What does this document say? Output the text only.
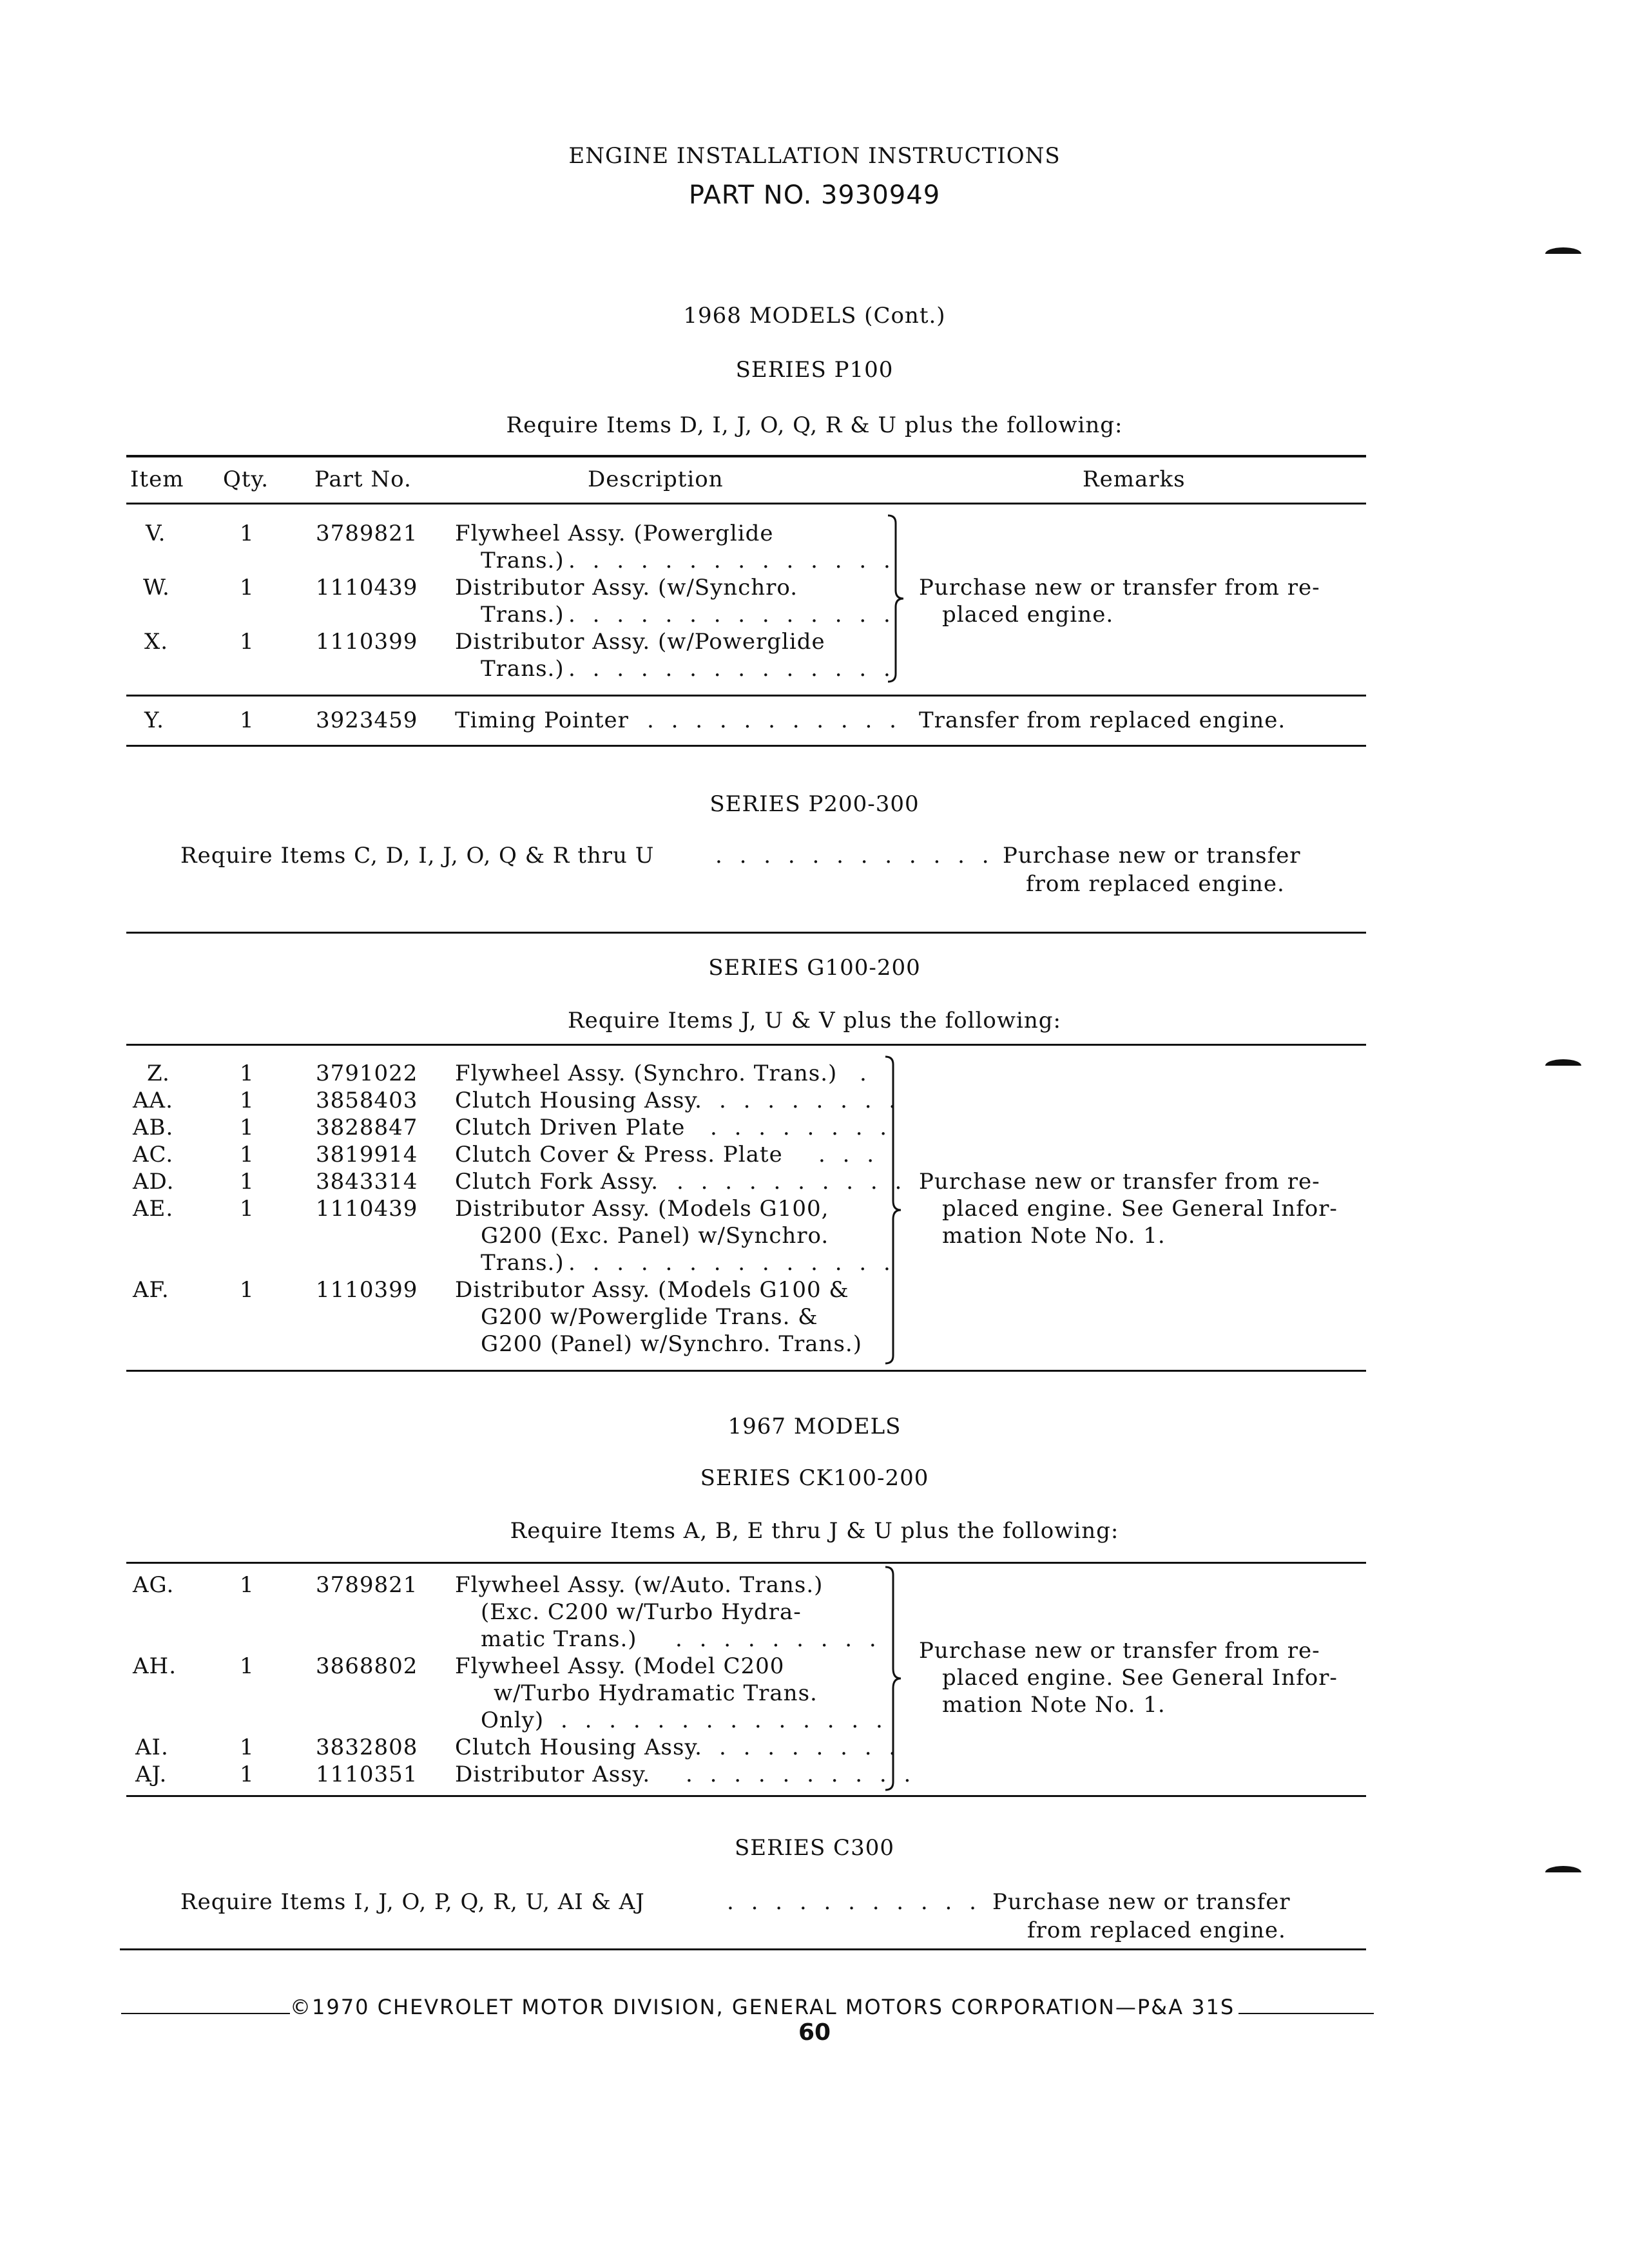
ENGINE INSTALLATION INSTRUCTIONS
PART NO. 3930949
1968 MODELS (Cont.)
SERIES P100
Require Items D, I, J, O, Q, R & U plus the following:
Item Qty. Part No.	Description	Remarks
V.	1	3789821 Flywheel Assy. (Powerglide
Trans.) . . . . . . . . . . . . . .
W.	1	1110439 Distributor Assy. (w/Synchro.
Trans.) . . . . . . . . . . . . . .
X.	1	1110399 Distributor Assy. (w/Powerglide
Trans.) . . . . . . . . . . . . . .
Purchase new or transfer from re-
placed engine.
Y.	1	3923459 Timing Pointer . . . . . . . . . . . Transfer from replaced engine.
SERIES P200-300
Require Items C, D, I, J, O, Q & R thru U	. . . . . . . . . . . . Purchase new or transfer
from replaced engine.
SERIES G100-200
Require Items J, U & V plus the following:
Z.	1	3791022 Flywheel Assy. (Synchro. Trans.) .
AA.	1	3858403 Clutch Housing Assy. . . . . . . . .
AB.	1	3828847 Clutch Driven Plate . . . . . . . .
AC.	1	3819914 Clutch Cover & Press. Plate . . .
AD.	1	3843314 Clutch Fork Assy. . . . . . . . . . .
AE.	1	1110439 Distributor Assy. (Models G100,
G200 (Exc. Panel) w/Synchro.
Trans.) . . . . . . . . . . . . . .
AF.	1	1110399 Distributor Assy. (Models G100 &
G200 w/Powerglide Trans. &
G200 (Panel) w/Synchro. Trans.)
Purchase new or transfer from re-
placed engine. See General Infor-
mation Note No. 1.
1967 MODELS
SERIES CK100-200
Require Items A, B, E thru J & U plus the following:
AG.	1	3789821 Flywheel Assy. (w/Auto. Trans.)
(Exc. C200 w/Turbo Hydra-
matic Trans.) . . . . . . . . .
AH.	1	3868802 Flywheel Assy. (Model C200
w/Turbo Hydramatic Trans.
Only) . . . . . . . . . . . . . .
AI.	1	3832808 Clutch Housing Assy. . . . . . . . .
AJ.	1	1110351 Distributor Assy. . . . . . . . . . .
Purchase new or transfer from re-
placed engine. See General Infor-
mation Note No. 1.
SERIES C300
Require Items I, J, O, P, Q, R, U, AI & AJ	. . . . . . . . . . . Purchase new or transfer
from replaced engine.
©1970 CHEVROLET MOTOR DIVISION, GENERAL MOTORS CORPORATION—P&A 31S
60
